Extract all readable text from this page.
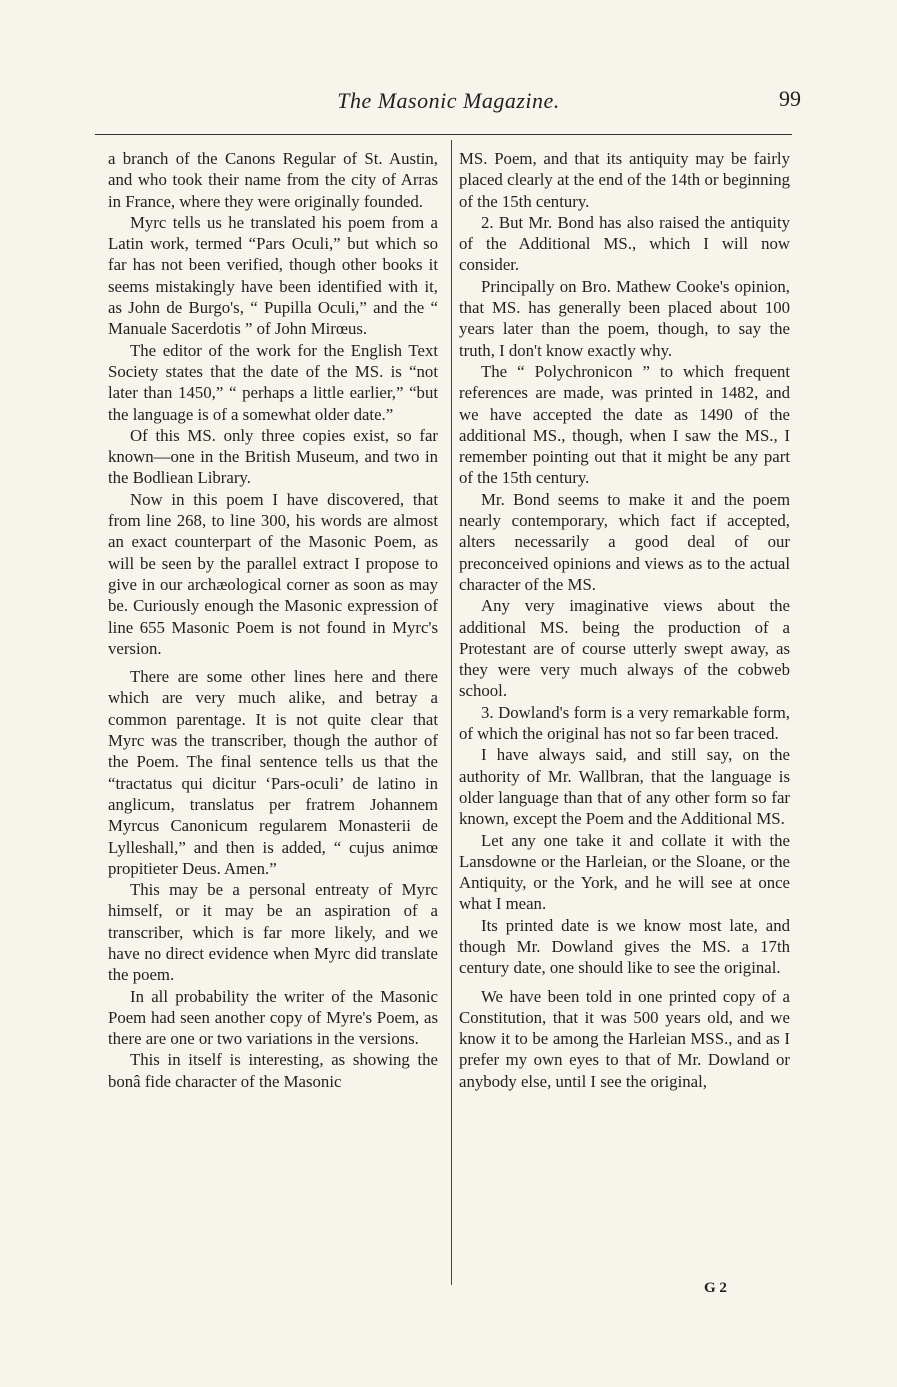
The Masonic Magazine.	99

a branch of the Canons Regular of St. Austin, and who took their name from the city of Arras in France, where they were originally founded.

Myrc tells us he translated his poem from a Latin work, termed “Pars Oculi,” but which so far has not been verified, though other books it seems mistakingly have been identified with it, as John de Burgo's, “ Pupilla Oculi,” and the “ Manuale Sacerdotis ” of John Mirœus.

The editor of the work for the English Text Society states that the date of the MS. is “not later than 1450,” “ perhaps a little earlier,” “but the language is of a somewhat older date.”

Of this MS. only three copies exist, so far known—one in the British Museum, and two in the Bodliean Library.

Now in this poem I have discovered, that from line 268, to line 300, his words are almost an exact counterpart of the Masonic Poem, as will be seen by the parallel extract I propose to give in our archæological corner as soon as may be. Curiously enough the Masonic expression of line 655 Masonic Poem is not found in Myrc's version.

There are some other lines here and there which are very much alike, and betray a common parentage. It is not quite clear that Myrc was the transcriber, though the author of the Poem. The final sentence tells us that the “tractatus qui dicitur ‘Pars-oculi’ de latino in anglicum, translatus per fratrem Johannem Myrcus Canonicum regularem Monasterii de Lylleshall,” and then is added, “ cujus animœ propitieter Deus. Amen.”

This may be a personal entreaty of Myrc himself, or it may be an aspiration of a transcriber, which is far more likely, and we have no direct evidence when Myrc did translate the poem.

In all probability the writer of the Masonic Poem had seen another copy of Myre's Poem, as there are one or two variations in the versions.

This in itself is interesting, as showing the bonâ fide character of the Masonic

MS. Poem, and that its antiquity may be fairly placed clearly at the end of the 14th or beginning of the 15th century.

2. But Mr. Bond has also raised the antiquity of the Additional MS., which I will now consider.

Principally on Bro. Mathew Cooke's opinion, that MS. has generally been placed about 100 years later than the poem, though, to say the truth, I don't know exactly why.

The “ Polychronicon ” to which frequent references are made, was printed in 1482, and we have accepted the date as 1490 of the additional MS., though, when I saw the MS., I remember pointing out that it might be any part of the 15th century.

Mr. Bond seems to make it and the poem nearly contemporary, which fact if accepted, alters necessarily a good deal of our preconceived opinions and views as to the actual character of the MS.

Any very imaginative views about the additional MS. being the production of a Protestant are of course utterly swept away, as they were very much always of the cobweb school.

3. Dowland's form is a very remarkable form, of which the original has not so far been traced.

I have always said, and still say, on the authority of Mr. Wallbran, that the language is older language than that of any other form so far known, except the Poem and the Additional MS.

Let any one take it and collate it with the Lansdowne or the Harleian, or the Sloane, or the Antiquity, or the York, and he will see at once what I mean.

Its printed date is we know most late, and though Mr. Dowland gives the MS. a 17th century date, one should like to see the original.

We have been told in one printed copy of a Constitution, that it was 500 years old, and we know it to be among the Harleian MSS., and as I prefer my own eyes to that of Mr. Dowland or anybody else, until I see the original,

G 2
